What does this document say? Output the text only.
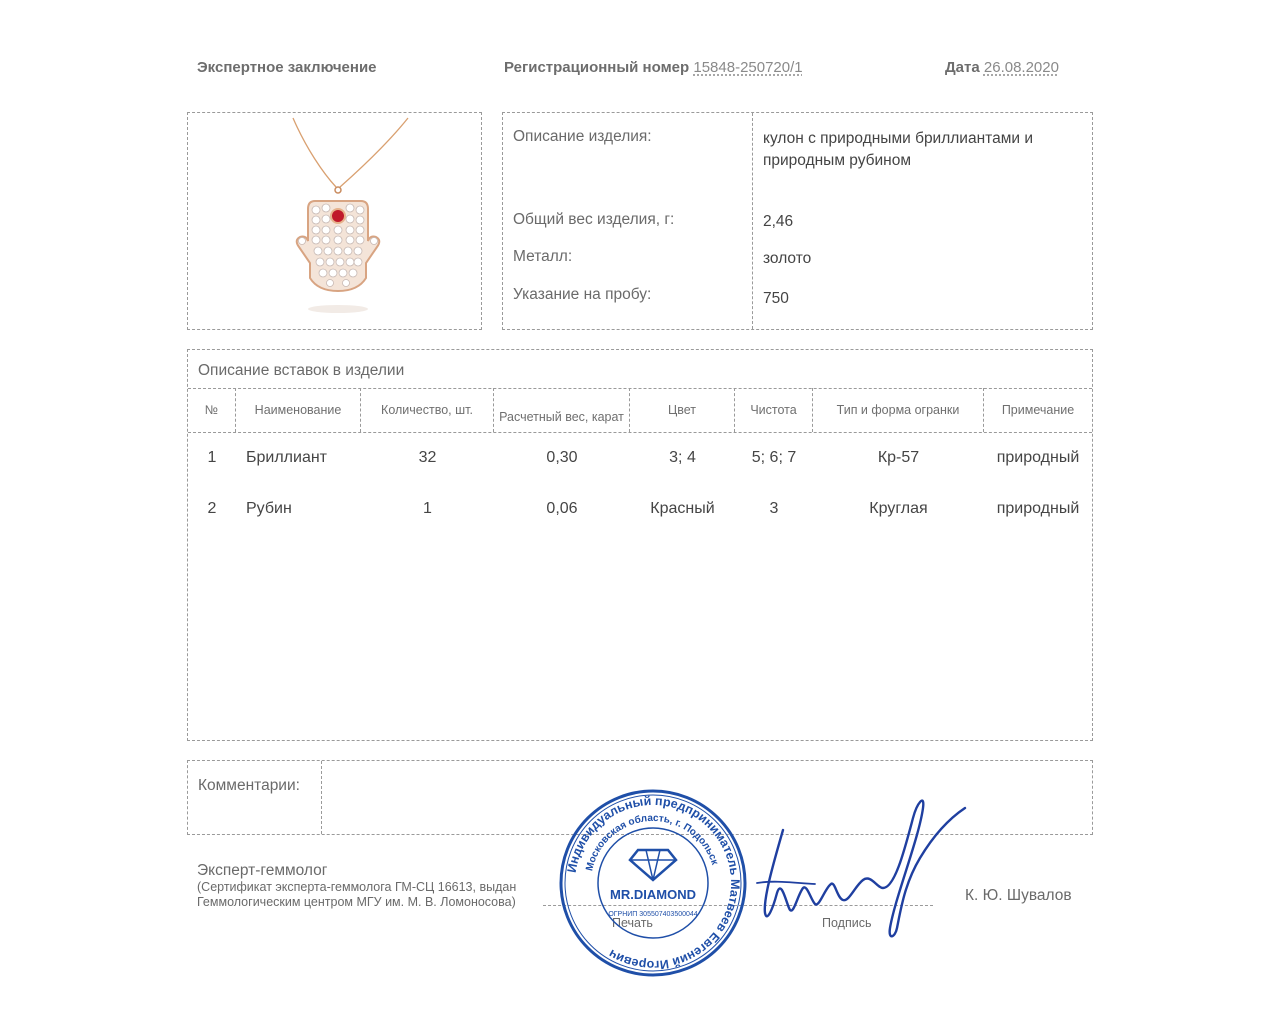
Экспертное заключение	Регистрационный номер 15848-250720/1	Дата 26.08.2020
Описание изделия:	кулон с природными бриллиантами и природным рубином
Общий вес изделия, г:	2,46
Металл:	золото
Указание на пробу:	750
Описание вставок в изделии
№	Наименование	Количество, шт.	Расчетный вес, карат	Цвет	Чистота	Тип и форма огранки	Примечание
1	Бриллиант	32	0,30	3; 4	5; 6; 7	Кр-57	природный
2	Рубин	1	0,06	Красный	3	Круглая	природный
Комментарии:
Эксперт-геммолог
(Сертификат эксперта-геммолога ГМ-СЦ 16613, выдан Геммологическим центром МГУ им. М. В. Ломоносова)
Печать	Подпись
К. Ю. Шувалов
Индивидуальный предприниматель Матвеев Евгений Игоревич
Московская область, г. Подольск
MR.DIAMOND
ОГРНИП 305507403500044
